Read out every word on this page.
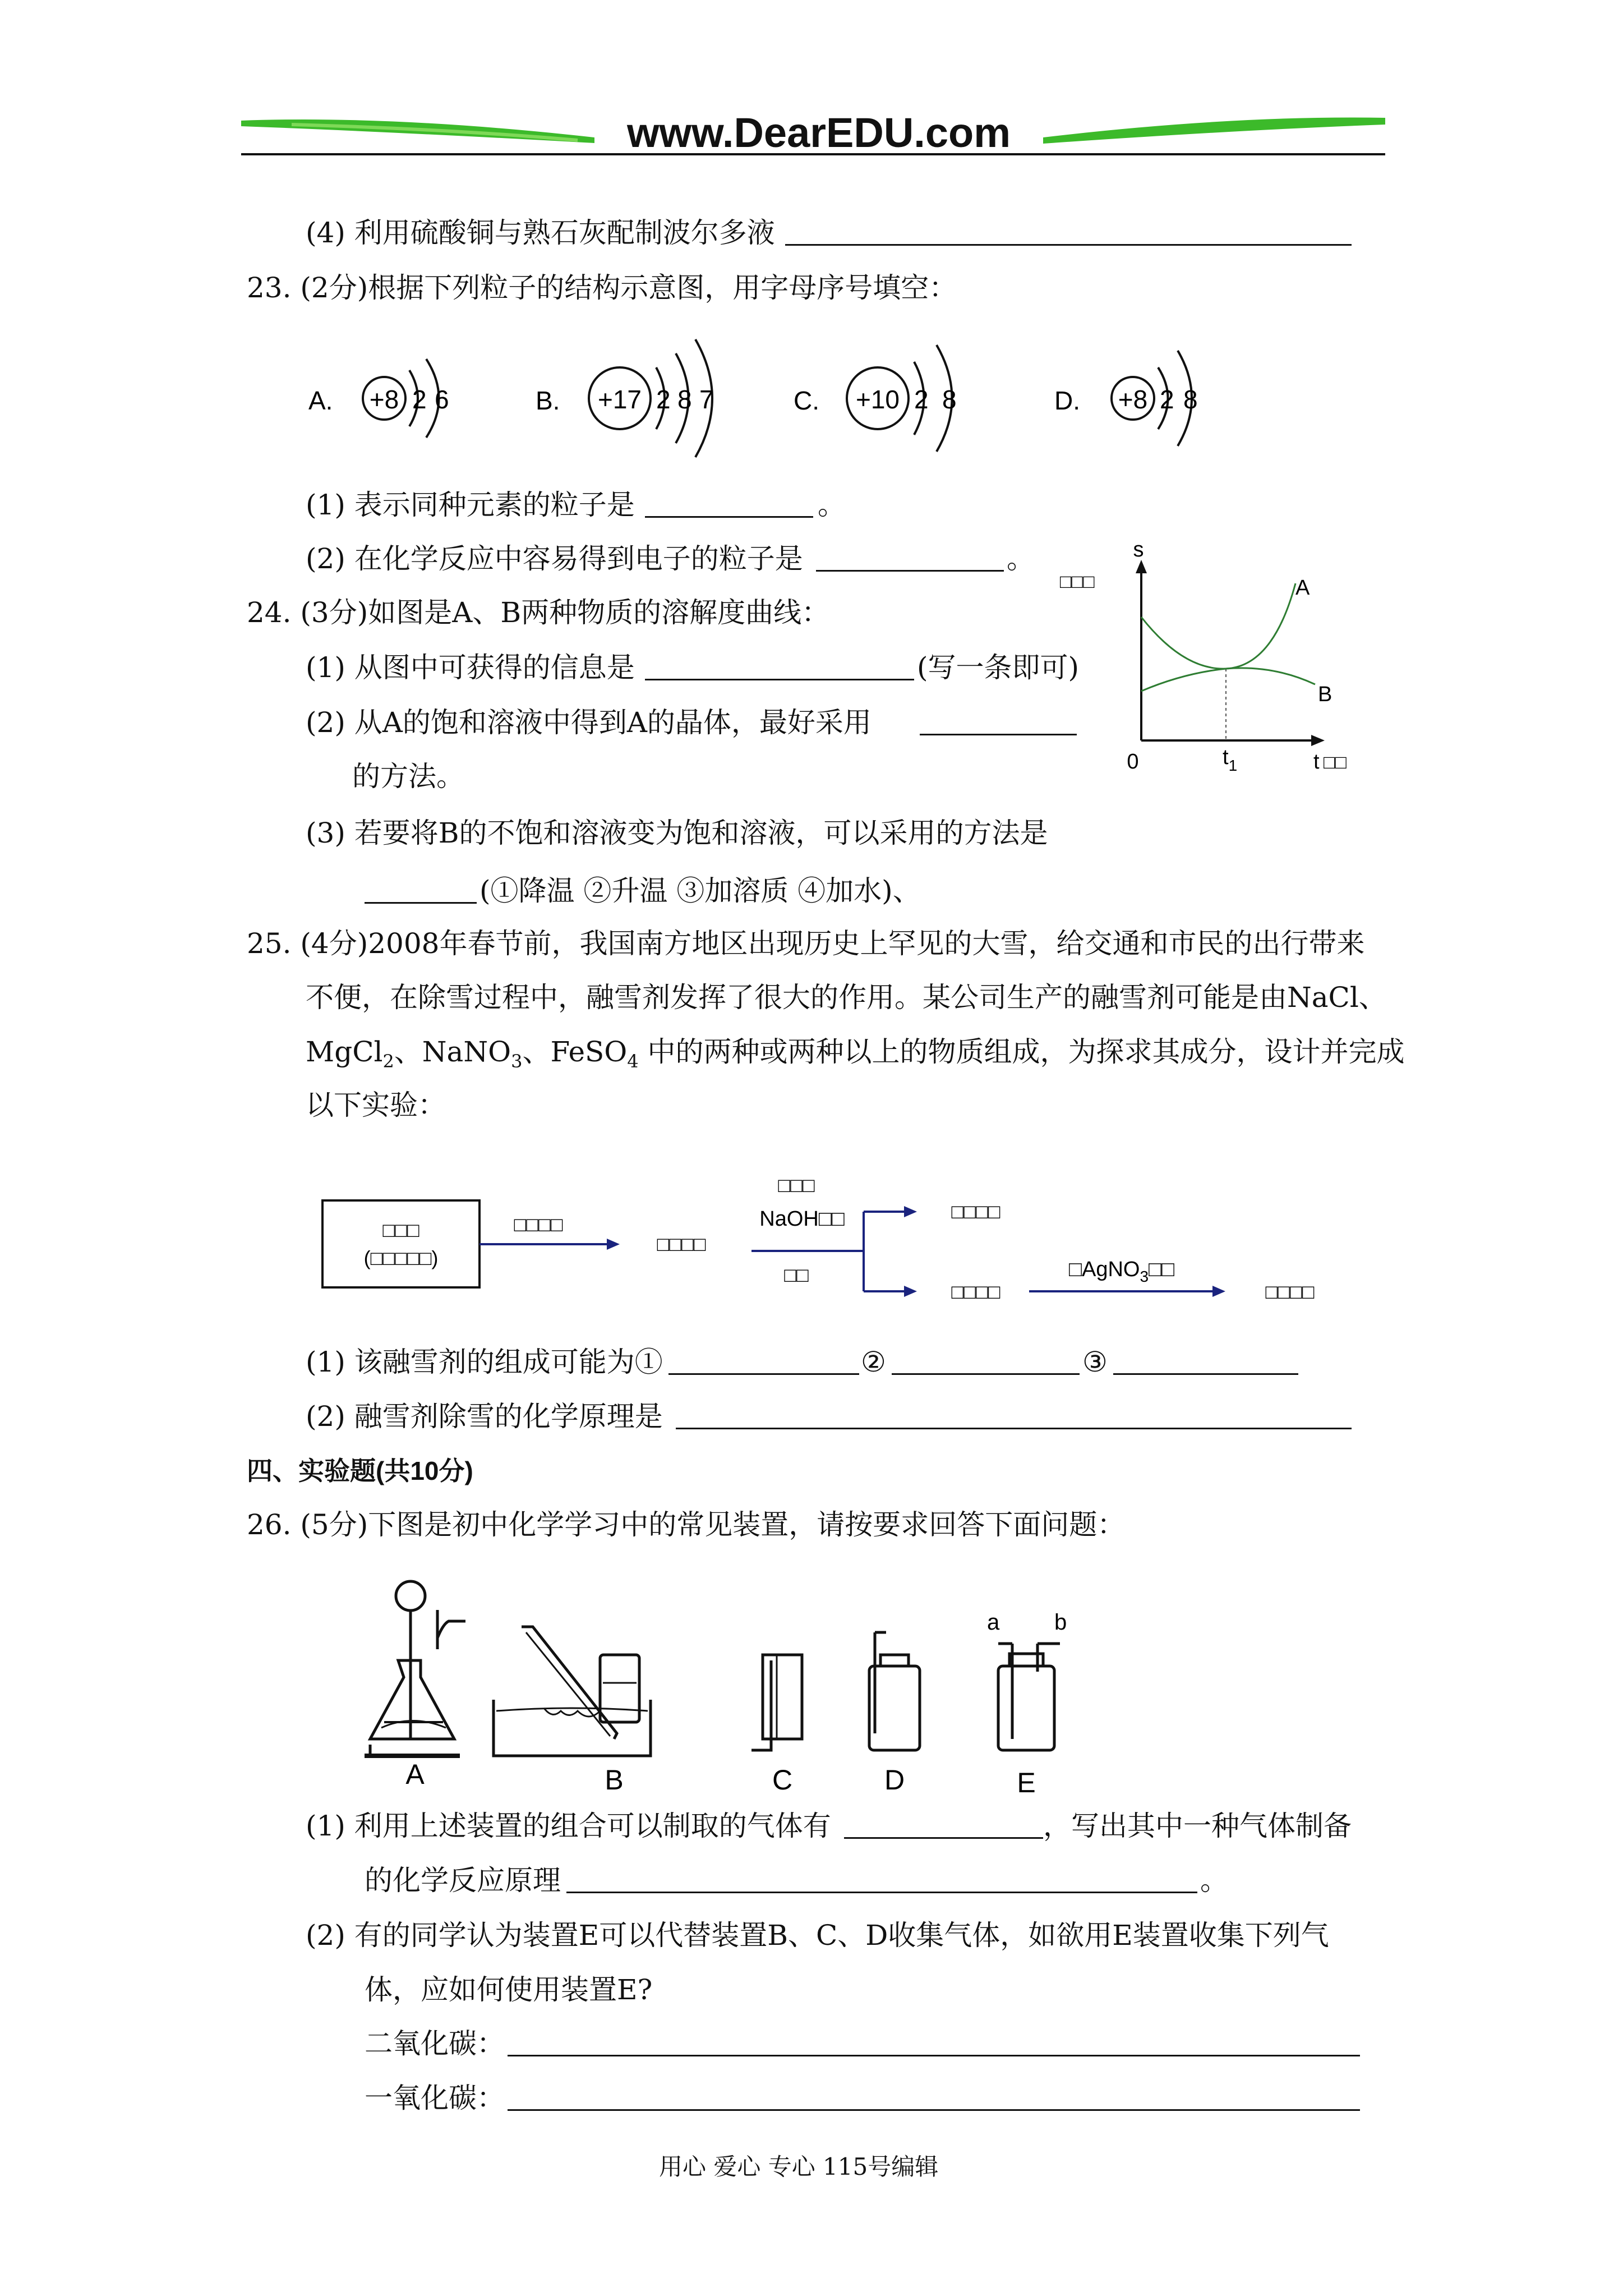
www.DearEDU.com
(4) 利用硫酸铜与熟石灰配制波尔多液
23. (2分)根据下列粒子的结构示意图，用字母序号填空：
A. +8 2 6	B. +17 2 8 7	C. +10 2 8	D. +8 2 8
(1) 表示同种元素的粒子是	。
(2) 在化学反应中容易得到电子的粒子是	。
24. (3分)如图是A、B两种物质的溶解度曲线：
(1) 从图中可获得的信息是	(写一条即可)
(2) 从A的饱和溶液中得到A的晶体，最好采用
的方法。
(3) 若要将B的不饱和溶液变为饱和溶液，可以采用的方法是
(①降温 ②升温 ③加溶质 ④加水)、
s
□□□
0	t □□
$t_1$
A
B
25. (4分)2008年春节前，我国南方地区出现历史上罕见的大雪，给交通和市民的出行带来
不便，在除雪过程中，融雪剂发挥了很大的作用。某公司生产的融雪剂可能是由NaCl、
MgCl$_2$、NaNO$_3$、FeSO$_4$ 中的两种或两种以上的物质组成，为探求其成分，设计并完成
以下实验：
□□□
(□□□□□)
□□□□
□□□□
□□□
NaOH□□
□□
□□□□
□□□□
□AgNO$_3$□□
□□□□
(1) 该融雪剂的组成可能为①	②	③
(2) 融雪剂除雪的化学原理是
四、实验题(共10分)
26. (5分)下图是初中化学学习中的常见装置，请按要求回答下面问题：
A	B	C	D
a b
E
(1) 利用上述装置的组合可以制取的气体有	，写出其中一种气体制备
的化学反应原理	。
(2) 有的同学认为装置E可以代替装置B、C、D收集气体，如欲用E装置收集下列气
体，应如何使用装置E?
二氧化碳：
一氧化碳：
用心 爱心 专心 115号编辑
